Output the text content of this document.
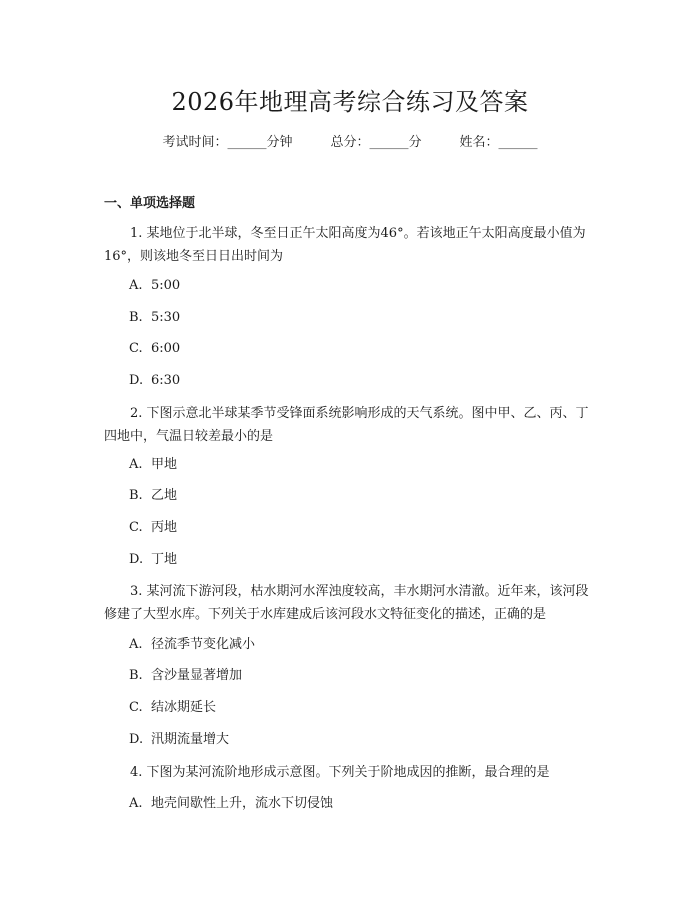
2026年地理高考综合练习及答案
考试时间：______分钟	总分：______分	姓名：______
一、单项选择题
1. 某地位于北半球，冬至日正午太阳高度为46°。若该地正午太阳高度最小值为16°，则该地冬至日日出时间为
A. 5:00
B. 5:30
C. 6:00
D. 6:30
2. 下图示意北半球某季节受锋面系统影响形成的天气系统。图中甲、乙、丙、丁四地中，气温日较差最小的是
A. 甲地
B. 乙地
C. 丙地
D. 丁地
3. 某河流下游河段，枯水期河水浑浊度较高，丰水期河水清澈。近年来，该河段修建了大型水库。下列关于水库建成后该河段水文特征变化的描述，正确的是
A. 径流季节变化减小
B. 含沙量显著增加
C. 结冰期延长
D. 汛期流量增大
4. 下图为某河流阶地形成示意图。下列关于阶地成因的推断，最合理的是
A. 地壳间歇性上升，流水下切侵蚀
